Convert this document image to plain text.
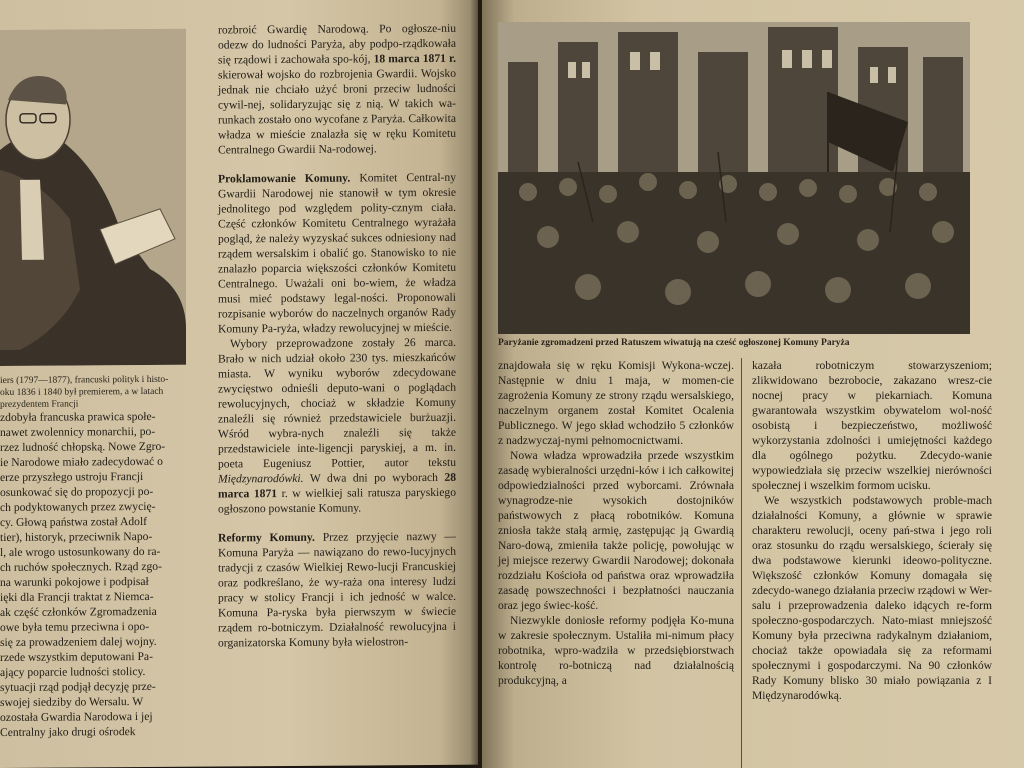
iers (1797—1877), francuski polityk i histo-

oku 1836 i 1840 był premierem, a w latach

prezydentem Francji

zdobyła francuska prawica społe-
nawet zwolennicy monarchii, po-
rzez ludność chłopską. Nowe Zgro-
ie Narodowe miało zadecydować o
erze przyszłego ustroju Francji
osunkować się do propozycji po-
ch podyktowanych przez zwycię-
cy. Głową państwa został Adolf
tier), historyk, przeciwnik Napo-
l, ale wrogo ustosunkowany do ra-
ch ruchów społecznych. Rząd zgo-
na warunki pokojowe i podpisał
ięki dla Francji traktat z Niemca-
ak część członków Zgromadzenia
owe była temu przeciwna i opo-
się za prowadzeniem dalej wojny.
rzede wszystkim deputowani Pa-
ający poparcie ludności stolicy.
sytuacji rząd podjął decyzję prze-
swojej siedziby do Wersalu. W
ozostała Gwardia Narodowa i jej
Centralny jako drugi ośrodek

rozbroić Gwardię Narodową. Po ogłosze-niu odezw do ludności Paryża, aby podpo-rządkowała się rządowi i zachowała spo-kój, 18 marca 1871 r. skierował wojsko do rozbrojenia Gwardii. Wojsko jednak nie chciało użyć broni przeciw ludności cywil-nej, solidaryzując się z nią. W takich wa-runkach zostało ono wycofane z Paryża. Całkowita władza w mieście znalazła się w ręku Komitetu Centralnego Gwardii Na-rodowej.

Proklamowanie Komuny. Komitet Central-ny Gwardii Narodowej nie stanowił w tym okresie jednolitego pod względem polity-cznym ciała. Część członków Komitetu Centralnego wyrażała pogląd, że należy wyzyskać sukces odniesiony nad rządem wersalskim i obalić go. Stanowisko to nie znalazło poparcia większości członków Komitetu Centralnego. Uważali oni bo-wiem, że władza musi mieć podstawy legal-ności. Proponowali rozpisanie wyborów do naczelnych organów Rady Komuny Pa-ryża, władzy rewolucyjnej w mieście.

Wybory przeprowadzone zostały 26 marca. Brało w nich udział około 230 tys. mieszkańców miasta. W wyniku wyborów zdecydowane zwycięstwo odnieśli deputo-wani o poglądach rewolucyjnych, chociaż w składzie Komuny znaleźli się również przedstawiciele burżuazji. Wśród wybra-nych znaleźli się także przedstawiciele inte-ligencji paryskiej, a m. in. poeta Eugeniusz Pottier, autor tekstu Międzynarodówki. W dwa dni po wyborach 28 marca 1871 r. w wielkiej sali ratusza paryskiego ogłoszono powstanie Komuny.

Reformy Komuny. Przez przyjęcie nazwy — Komuna Paryża — nawiązano do rewo-lucyjnych tradycji z czasów Wielkiej Rewo-lucji Francuskiej oraz podkreślano, że wy-raża ona interesy ludzi pracy w stolicy Francji i ich jedność w walce. Komuna Pa-ryska była pierwszym w świecie rządem ro-botniczym. Działalność rewolucyjna i organizatorska Komuny była wielostron-

Paryżanie zgromadzeni przed Ratuszem wiwatują na cześć ogłoszonej Komuny Paryża

znajdowała się w ręku Komisji Wykona-wczej. Następnie w dniu 1 maja, w momen-cie zagrożenia Komuny ze strony rządu wersalskiego, naczelnym organem został Komitet Ocalenia Publicznego. W jego skład wchodziło 5 członków z nadzwyczaj-nymi pełnomocnictwami.

Nowa władza wprowadziła przede wszystkim zasadę wybieralności urzędni-ków i ich całkowitej odpowiedzialności przed wyborcami. Zrównała wynagrodze-nie wysokich dostojników państwowych z płacą robotników. Komuna zniosła także stałą armię, zastępując ją Gwardią Naro-dową, zmieniła także policję, powołując w jej miejsce rezerwy Gwardii Narodowej; dokonała rozdziału Kościoła od państwa oraz wprowadziła zasadę powszechności i bezpłatności nauczania oraz jego świec-kość.

Niezwykle doniosłe reformy podjęła Ko-muna w zakresie społecznym. Ustaliła mi-nimum płacy robotnika, wpro-wadziła w przedsiębiorstwach kontrolę ro-botniczą nad działalnością produkcyjną, a

kazała robotniczym stowarzyszeniom; zlikwidowano bezrobocie, zakazano wresz-cie nocnej pracy w piekarniach. Komuna gwarantowała wszystkim obywatelom wol-ność osobistą i bezpieczeństwo, możliwość wykorzystania zdolności i umiejętności każdego dla ogólnego pożytku. Zdecydo-wanie wypowiedziała się przeciw wszelkiej nierówności społecznej i wszelkim formom ucisku.

We wszystkich podstawowych proble-mach działalności Komuny, a głównie w sprawie charakteru rewolucji, oceny pań-stwa i jego roli oraz stosunku do rządu wersalskiego, ścierały się dwa podstawowe kierunki ideowo-polityczne. Większość członków Komuny domagała się zdecydo-wanego działania przeciw rządowi w Wer-salu i przeprowadzenia daleko idących re-form społeczno-gospodarczych. Nato-miast mniejszość Komuny była przeciwna radykalnym działaniom, chociaż także opowiadała się za reformami społecznymi i gospodarczymi. Na 90 członków Rady Komuny blisko 30 miało powiązania z I Międzynarodówką.
